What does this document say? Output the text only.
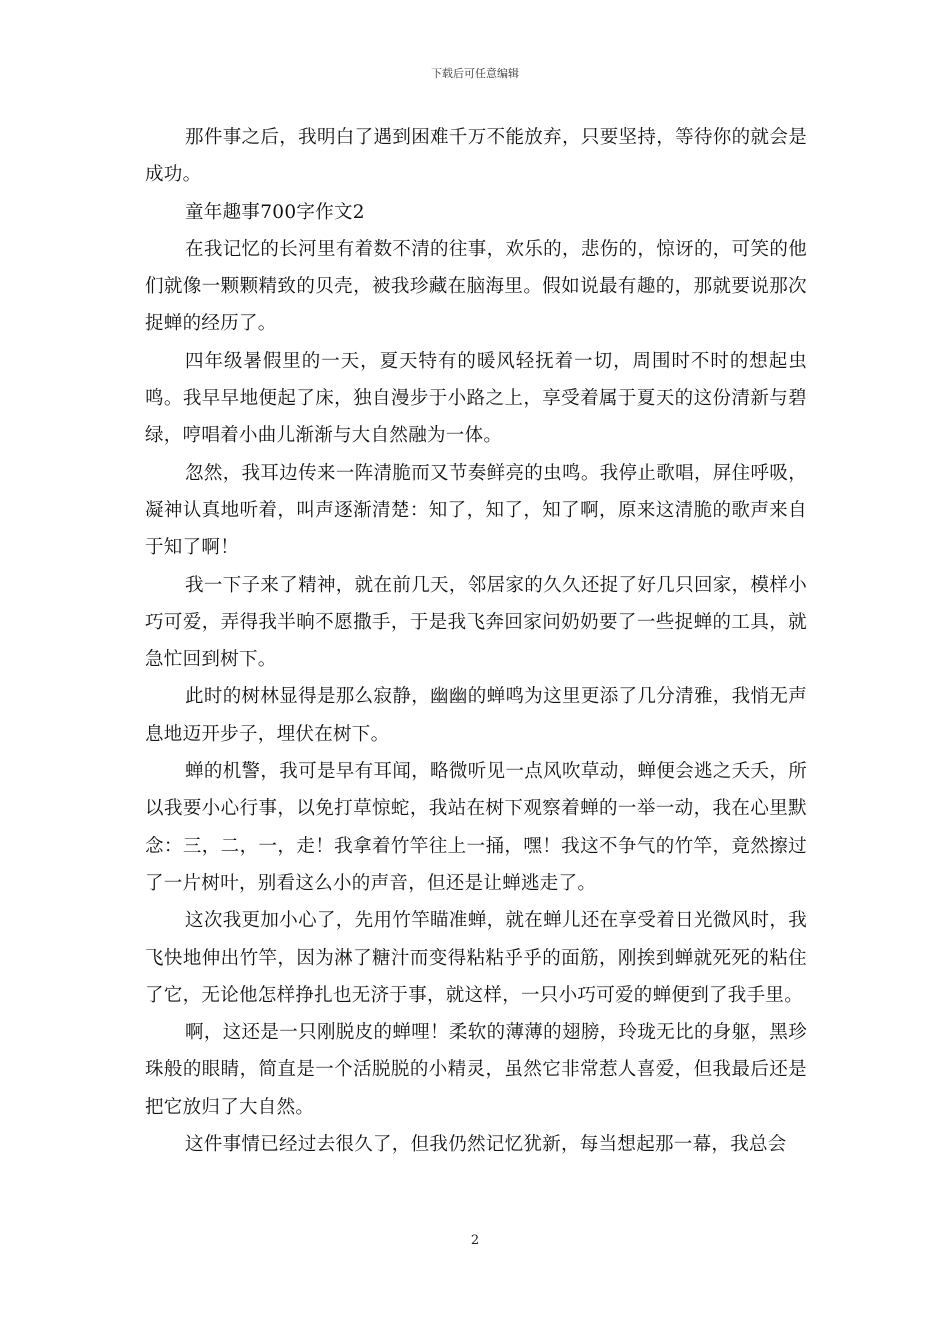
下载后可任意编辑

那件事之后，我明白了遇到困难千万不能放弃，只要坚持，等待你的就会是成功。

童年趣事700字作文2

在我记忆的长河里有着数不清的往事，欢乐的，悲伤的，惊讶的，可笑的他们就像一颗颗精致的贝壳，被我珍藏在脑海里。假如说最有趣的，那就要说那次捉蝉的经历了。

四年级暑假里的一天，夏天特有的暖风轻抚着一切，周围时不时的想起虫鸣。我早早地便起了床，独自漫步于小路之上，享受着属于夏天的这份清新与碧绿，哼唱着小曲儿渐渐与大自然融为一体。

忽然，我耳边传来一阵清脆而又节奏鲜亮的虫鸣。我停止歌唱，屏住呼吸，凝神认真地听着，叫声逐渐清楚：知了，知了，知了啊，原来这清脆的歌声来自于知了啊！

我一下子来了精神，就在前几天，邻居家的久久还捉了好几只回家，模样小巧可爱，弄得我半晌不愿撒手，于是我飞奔回家问奶奶要了一些捉蝉的工具，就急忙回到树下。

此时的树林显得是那么寂静，幽幽的蝉鸣为这里更添了几分清雅，我悄无声息地迈开步子，埋伏在树下。

蝉的机警，我可是早有耳闻，略微听见一点风吹草动，蝉便会逃之夭夭，所以我要小心行事，以免打草惊蛇，我站在树下观察着蝉的一举一动，我在心里默念：三，二，一，走！我拿着竹竿往上一捅，嘿！我这不争气的竹竿，竟然擦过了一片树叶，别看这么小的声音，但还是让蝉逃走了。

这次我更加小心了，先用竹竿瞄准蝉，就在蝉儿还在享受着日光微风时，我飞快地伸出竹竿，因为淋了糖汁而变得粘粘乎乎的面筋，刚挨到蝉就死死的粘住了它，无论他怎样挣扎也无济于事，就这样，一只小巧可爱的蝉便到了我手里。

啊，这还是一只刚脱皮的蝉哩！柔软的薄薄的翅膀，玲珑无比的身躯，黑珍珠般的眼睛，简直是一个活脱脱的小精灵，虽然它非常惹人喜爱，但我最后还是把它放归了大自然。

这件事情已经过去很久了，但我仍然记忆犹新，每当想起那一幕，我总会

2
